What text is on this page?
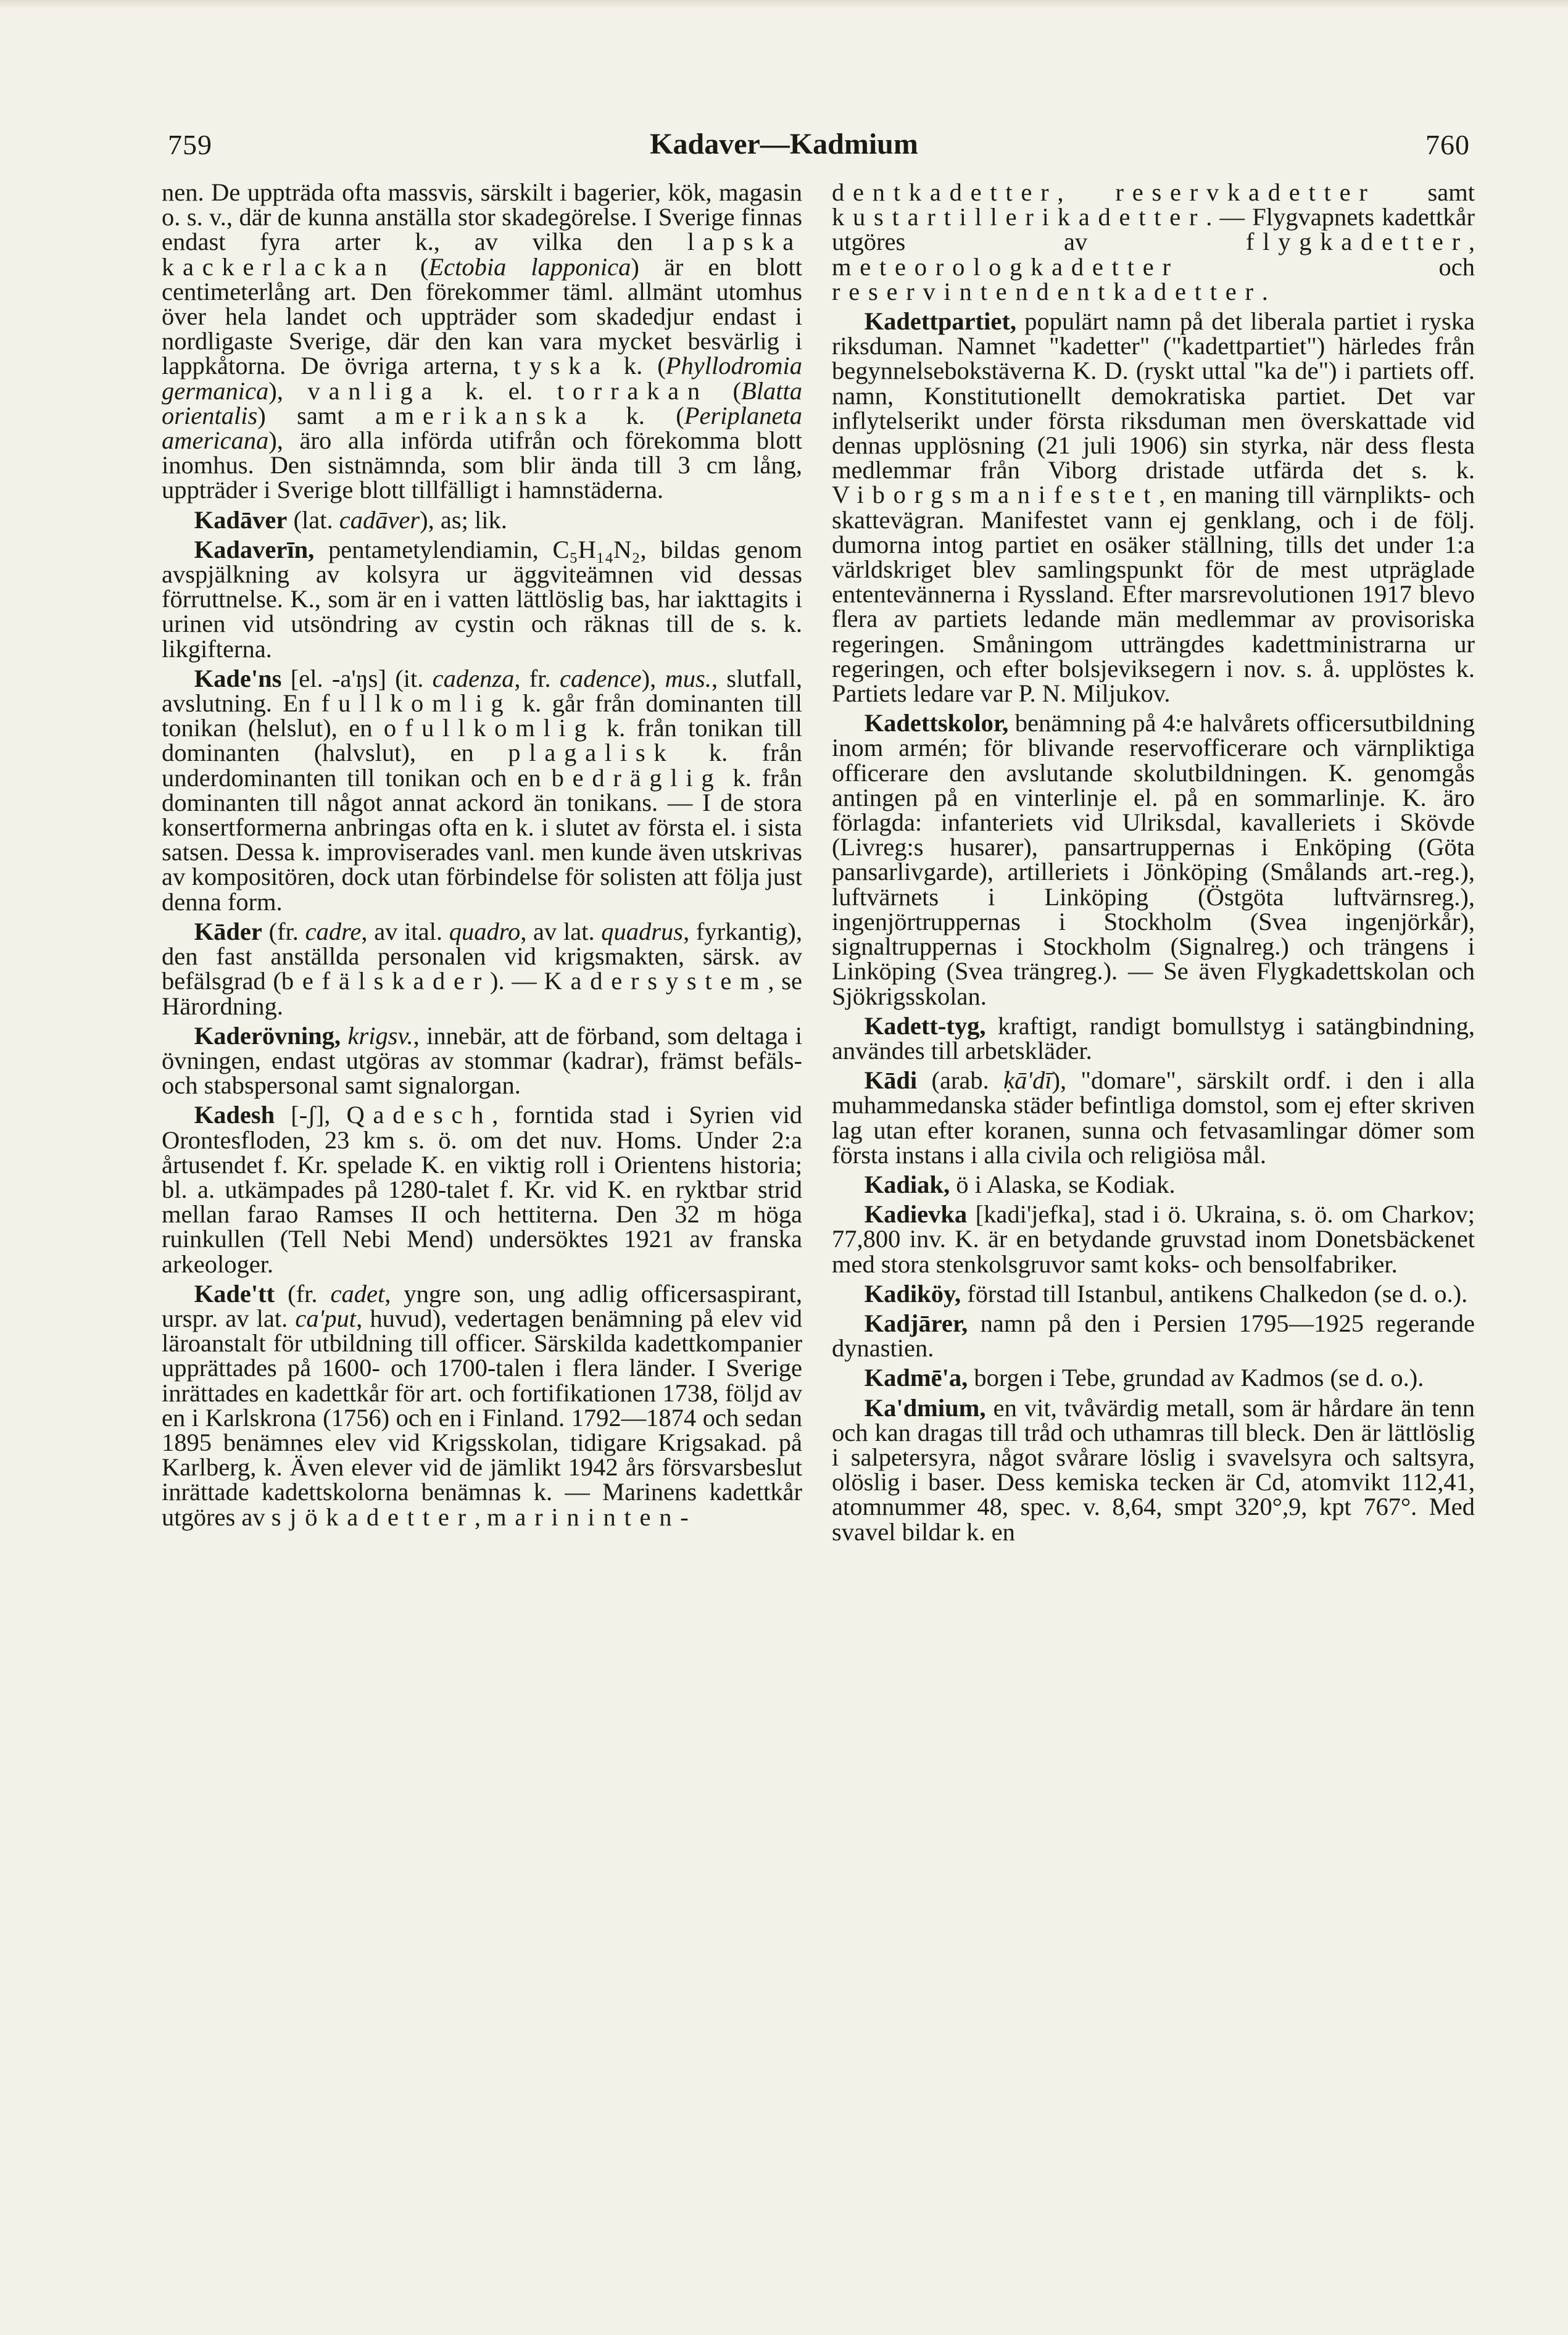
759	Kadaver—Kadmium	760

nen. De uppträda ofta massvis, särskilt i bagerier, kök, magasin o. s. v., där de kunna anställa stor skadegörelse. I Sverige finnas endast fyra arter k., av vilka den lapska kackerlackan (Ectobia lapponica) är en blott centimeterlång art. Den förekommer täml. allmänt utomhus över hela landet och uppträder som skadedjur endast i nordligaste Sverige, där den kan vara mycket besvärlig i lappkåtorna. De övriga arterna, tyska k. (Phyllodromia germanica), vanliga k. el. torrakan (Blatta orientalis) samt amerikanska k. (Periplaneta americana), äro alla införda utifrån och förekomma blott inomhus. Den sistnämnda, som blir ända till 3 cm lång, uppträder i Sverige blott tillfälligt i hamnstäderna.

Kadāver (lat. cadāver), as; lik.

Kadaverīn, pentametylendiamin, C₅H₁₄N₂, bildas genom avspjälkning av kolsyra ur äggviteämnen vid dessas förruttnelse. K., som är en i vatten lättlöslig bas, har iakttagits i urinen vid utsöndring av cystin och räknas till de s. k. likgifterna.

Kade'ns [el. -a'ŋs] (it. cadenza, fr. cadence), mus., slutfall, avslutning. En fullkomlig k. går från dominanten till tonikan (helslut), en ofullkomlig k. från tonikan till dominanten (halvslut), en plagalisk k. från underdominanten till tonikan och en bedräglig k. från dominanten till något annat ackord än tonikans. — I de stora konsertformerna anbringas ofta en k. i slutet av första el. i sista satsen. Dessa k. improviserades vanl. men kunde även utskrivas av kompositören, dock utan förbindelse för solisten att följa just denna form.

Kāder (fr. cadre, av ital. quadro, av lat. quadrus, fyrkantig), den fast anställda personalen vid krigsmakten, särsk. av befälsgrad (befälskader). — Kadersystem, se Härordning.

Kaderövning, krigsv., innebär, att de förband, som deltaga i övningen, endast utgöras av stommar (kadrar), främst befäls- och stabspersonal samt signalorgan.

Kadesh [-ʃ], Qadesch, forntida stad i Syrien vid Orontesfloden, 23 km s. ö. om det nuv. Homs. Under 2:a årtusendet f. Kr. spelade K. en viktig roll i Orientens historia; bl. a. utkämpades på 1280-talet f. Kr. vid K. en ryktbar strid mellan farao Ramses II och hettiterna. Den 32 m höga ruinkullen (Tell Nebi Mend) undersöktes 1921 av franska arkeologer.

Kade'tt (fr. cadet, yngre son, ung adlig officersaspirant, urspr. av lat. ca'put, huvud), vedertagen benämning på elev vid läroanstalt för utbildning till officer. Särskilda kadettkompanier upprättades på 1600- och 1700-talen i flera länder. I Sverige inrättades en kadettkår för art. och fortifikationen 1738, följd av en i Karlskrona (1756) och en i Finland. 1792—1874 och sedan 1895 benämnes elev vid Krigsskolan, tidigare Krigsakad. på Karlberg, k. Även elever vid de jämlikt 1942 års försvarsbeslut inrättade kadettskolorna benämnas k. — Marinens kadettkår utgöres av sjökadetter, marininten-

dentkadetter, reservkadetter samt kustartillerikadetter. — Flygvapnets kadettkår utgöres av flygkadetter, meteorologkadetter och reservintendentkadetter.

Kadettpartiet, populärt namn på det liberala partiet i ryska riksduman. Namnet "kadetter" ("kadettpartiet") härledes från begynnelsebokstäverna K. D. (ryskt uttal "ka de") i partiets off. namn, Konstitutionellt demokratiska partiet. Det var inflytelserikt under första riksduman men överskattade vid dennas upplösning (21 juli 1906) sin styrka, när dess flesta medlemmar från Viborg dristade utfärda det s. k. Viborgsmanifestet, en maning till värnplikts- och skattevägran. Manifestet vann ej genklang, och i de följ. dumorna intog partiet en osäker ställning, tills det under 1:a världskriget blev samlingspunkt för de mest utpräglade ententevännerna i Ryssland. Efter marsrevolutionen 1917 blevo flera av partiets ledande män medlemmar av provisoriska regeringen. Småningom utträngdes kadettministrarna ur regeringen, och efter bolsjeviksegern i nov. s. å. upplöstes k. Partiets ledare var P. N. Miljukov.

Kadettskolor, benämning på 4:e halvårets officersutbildning inom armén; för blivande reservofficerare och värnpliktiga officerare den avslutande skolutbildningen. K. genomgås antingen på en vinterlinje el. på en sommarlinje. K. äro förlagda: infanteriets vid Ulriksdal, kavalleriets i Skövde (Livreg:s husarer), pansartruppernas i Enköping (Göta pansarlivgarde), artilleriets i Jönköping (Smålands art.-reg.), luftvärnets i Linköping (Östgöta luftvärnsreg.), ingenjörtruppernas i Stockholm (Svea ingenjörkår), signaltruppernas i Stockholm (Signalreg.) och trängens i Linköping (Svea trängreg.). — Se även Flygkadettskolan och Sjökrigsskolan.

Kadett-tyg, kraftigt, randigt bomullstyg i satängbindning, användes till arbetskläder.

Kādi (arab. ḳā'dī), "domare", särskilt ordf. i den i alla muhammedanska städer befintliga domstol, som ej efter skriven lag utan efter koranen, sunna och fetvasamlingar dömer som första instans i alla civila och religiösa mål.

Kadiak, ö i Alaska, se Kodiak.

Kadievka [kadi'jefka], stad i ö. Ukraina, s. ö. om Charkov; 77,800 inv. K. är en betydande gruvstad inom Donetsbäckenet med stora stenkolsgruvor samt koks- och bensolfabriker.

Kadiköy, förstad till Istanbul, antikens Chalkedon (se d. o.).

Kadjārer, namn på den i Persien 1795—1925 regerande dynastien.

Kadmē'a, borgen i Tebe, grundad av Kadmos (se d. o.).

Ka'dmium, en vit, tvåvärdig metall, som är hårdare än tenn och kan dragas till tråd och uthamras till bleck. Den är lättlöslig i salpetersyra, något svårare löslig i svavelsyra och saltsyra, olöslig i baser. Dess kemiska tecken är Cd, atomvikt 112,41, atomnummer 48, spec. v. 8,64, smpt 320°,9, kpt 767°. Med svavel bildar k. en
